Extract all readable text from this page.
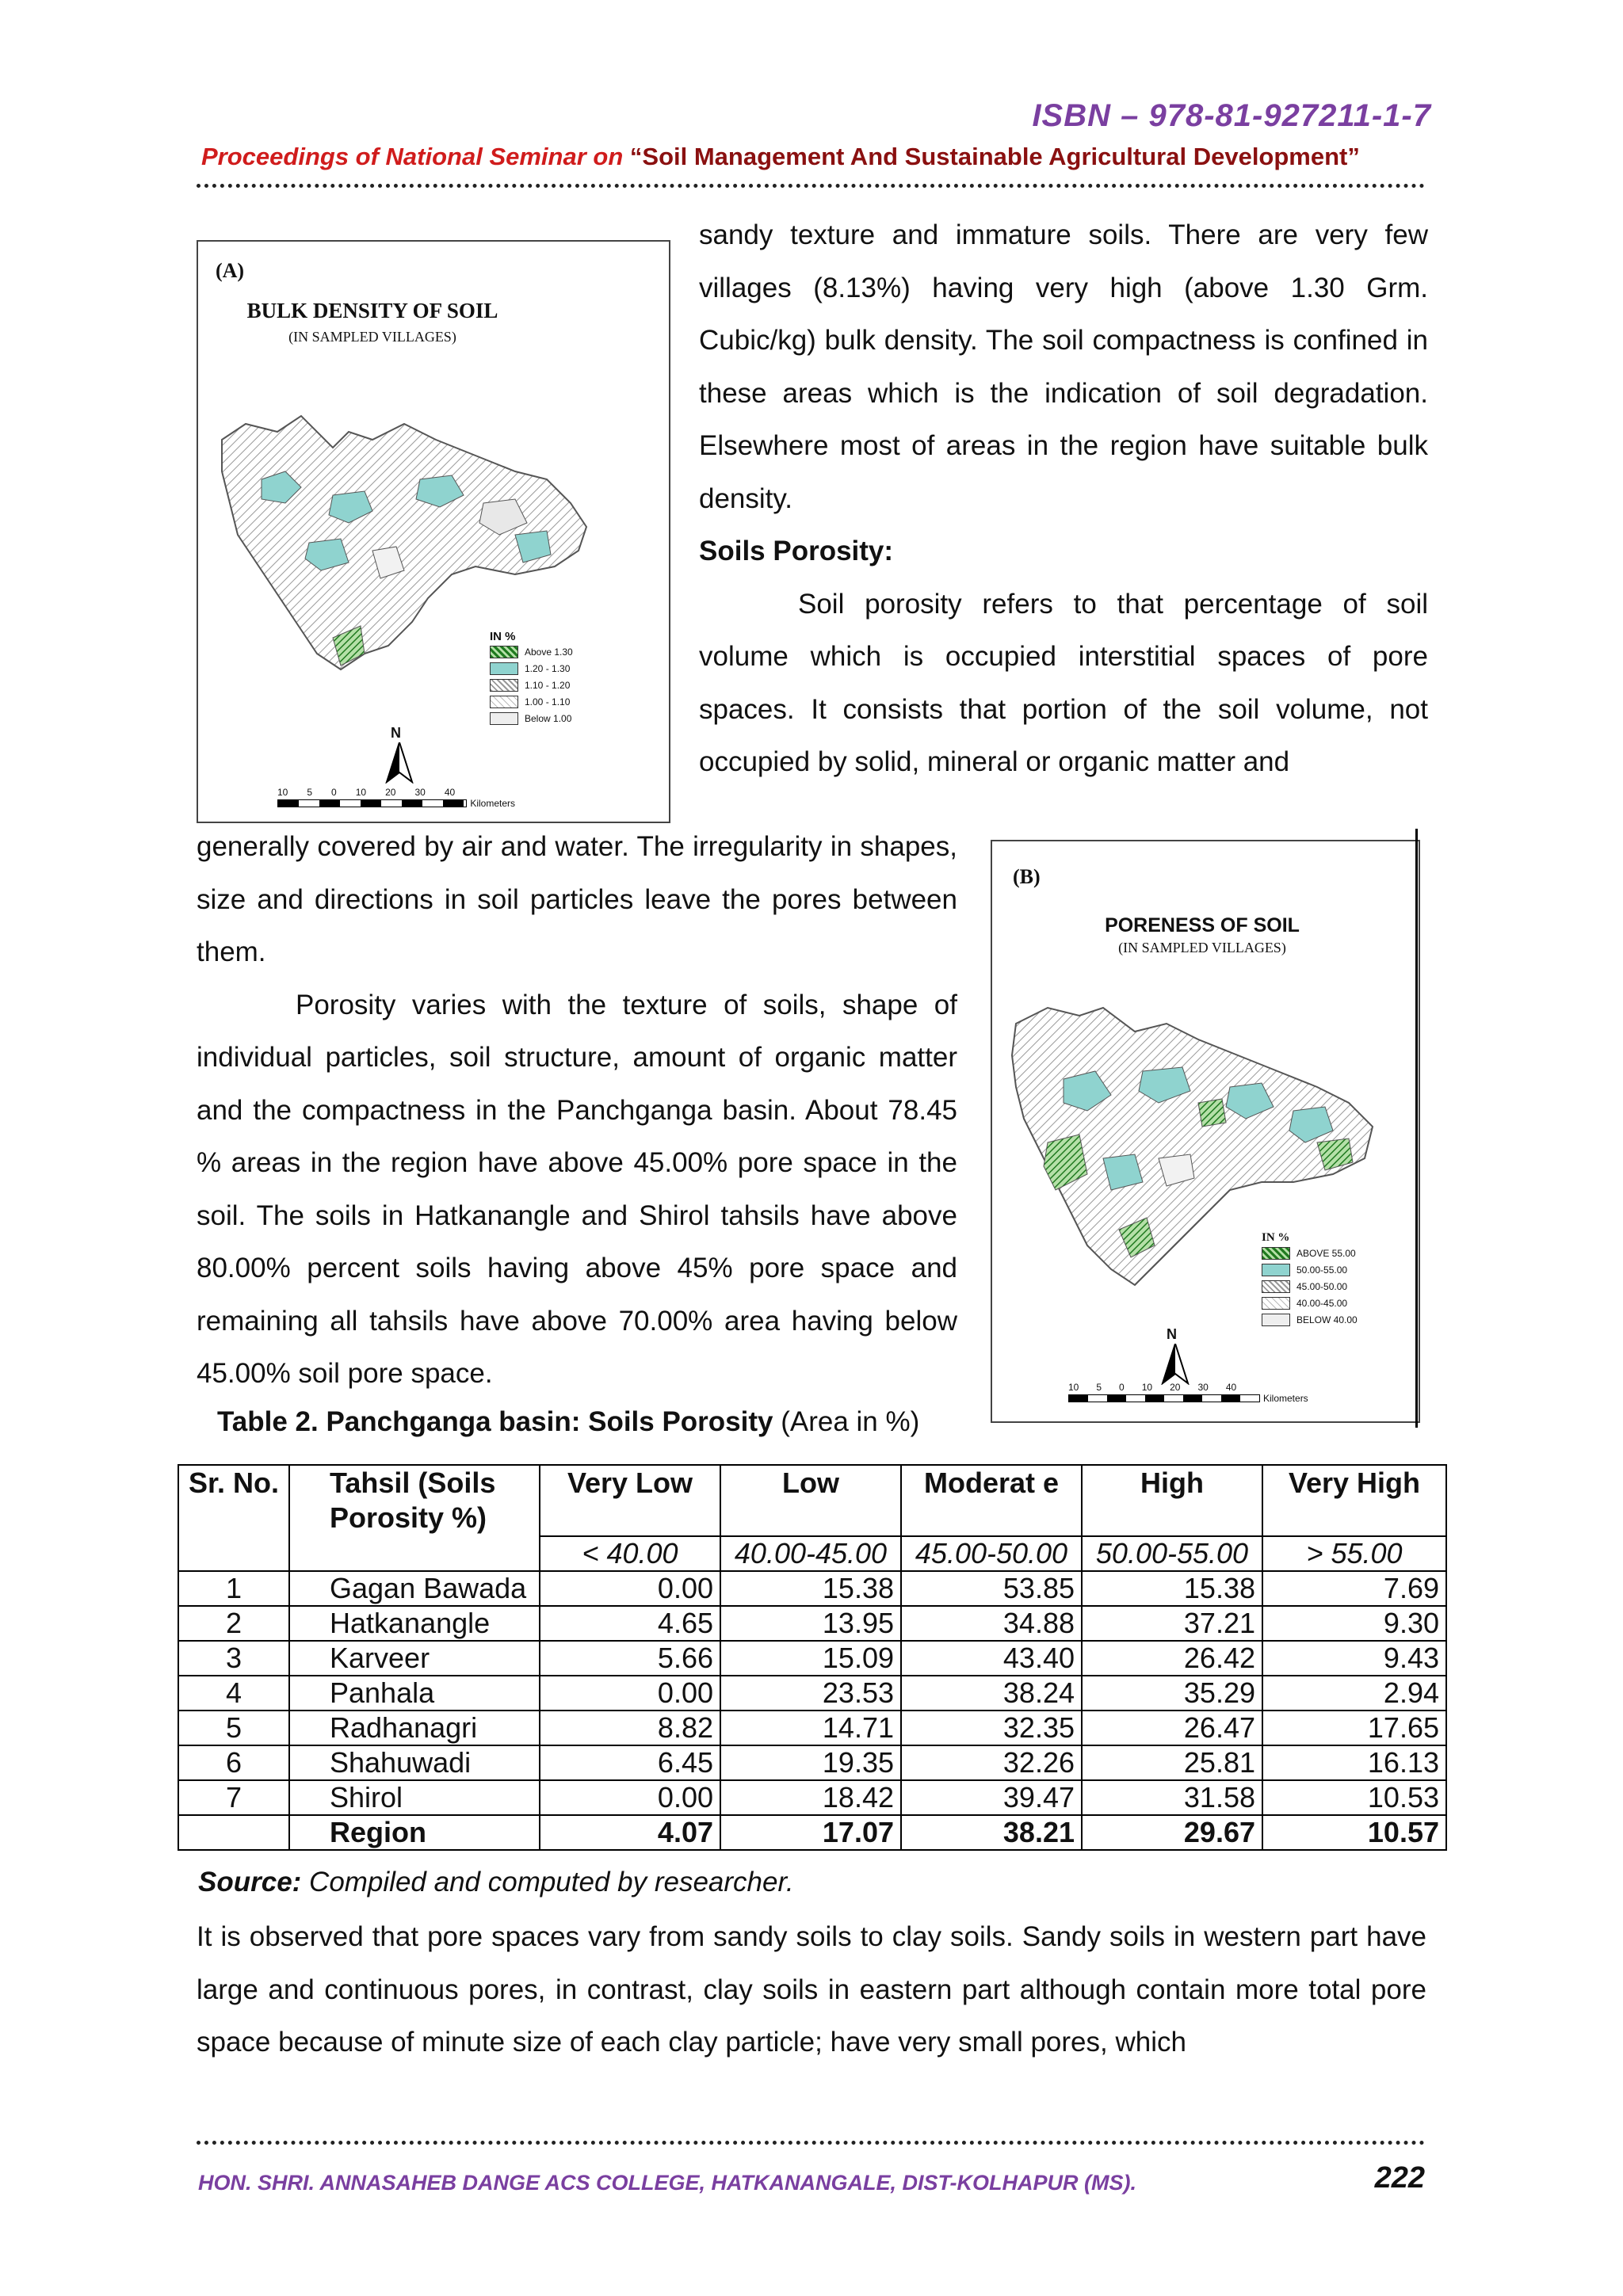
ISBN – 978-81-927211-1-7
Proceedings of National Seminar on “Soil Management And Sustainable Agricultural Development”
(A)
BULK DENSITY OF SOIL
(IN SAMPLED VILLAGES)
IN %
Above 1.30
1.20 - 1.30
1.10 - 1.20
1.00 - 1.10
Below 1.00
N
10 5 0 10 20 30 40
Kilometers

sandy texture and immature soils. There are very few villages (8.13%) having very high (above 1.30 Grm. Cubic/kg) bulk density. The soil compactness is confined in these areas which is the indication of soil degradation. Elsewhere most of areas in the region have suitable bulk density.

Soils Porosity:

Soil porosity refers to that percentage of soil volume which is occupied interstitial spaces of pore spaces. It consists that portion of the soil volume, not occupied by solid, mineral or organic matter and

generally covered by air and water. The irregularity in shapes, size and directions in soil particles leave the pores between them.

Porosity varies with the texture of soils, shape of individual particles, soil structure, amount of organic matter and the compactness in the Panchganga basin. About 78.45 % areas in the region have above 45.00% pore space in the soil. The soils in Hatkanangle and Shirol tahsils have above 80.00% percent soils having above 45% pore space and remaining all tahsils have above 70.00% area having below 45.00% soil pore space.

(B)
PORENESS OF SOIL
(IN SAMPLED VILLAGES)
IN %
ABOVE 55.00
50.00-55.00
45.00-50.00
40.00-45.00
BELOW 40.00
N
10 5 0 10 20 30 40
Kilometers
Table 2. Panchganga basin: Soils Porosity (Area in %)
Sr. No.	Tahsil (Soils Porosity %)	Very Low	Low	Moderat e	High	Very High
		< 40.00	40.00-45.00	45.00-50.00	50.00-55.00	> 55.00
1	Gagan Bawada	0.00	15.38	53.85	15.38	7.69
2	Hatkanangle	4.65	13.95	34.88	37.21	9.30
3	Karveer	5.66	15.09	43.40	26.42	9.43
4	Panhala	0.00	23.53	38.24	35.29	2.94
5	Radhanagri	8.82	14.71	32.35	26.47	17.65
6	Shahuwadi	6.45	19.35	32.26	25.81	16.13
7	Shirol	0.00	18.42	39.47	31.58	10.53
	Region	4.07	17.07	38.21	29.67	10.57
Source: Compiled and computed by researcher.

It is observed that pore spaces vary from sandy soils to clay soils. Sandy soils in western part have large and continuous pores, in contrast, clay soils in eastern part although contain more total pore space because of minute size of each clay particle; have very small pores, which

HON. SHRI. ANNASAHEB DANGE ACS COLLEGE, HATKANANGALE, DIST-KOLHAPUR (MS).	222
